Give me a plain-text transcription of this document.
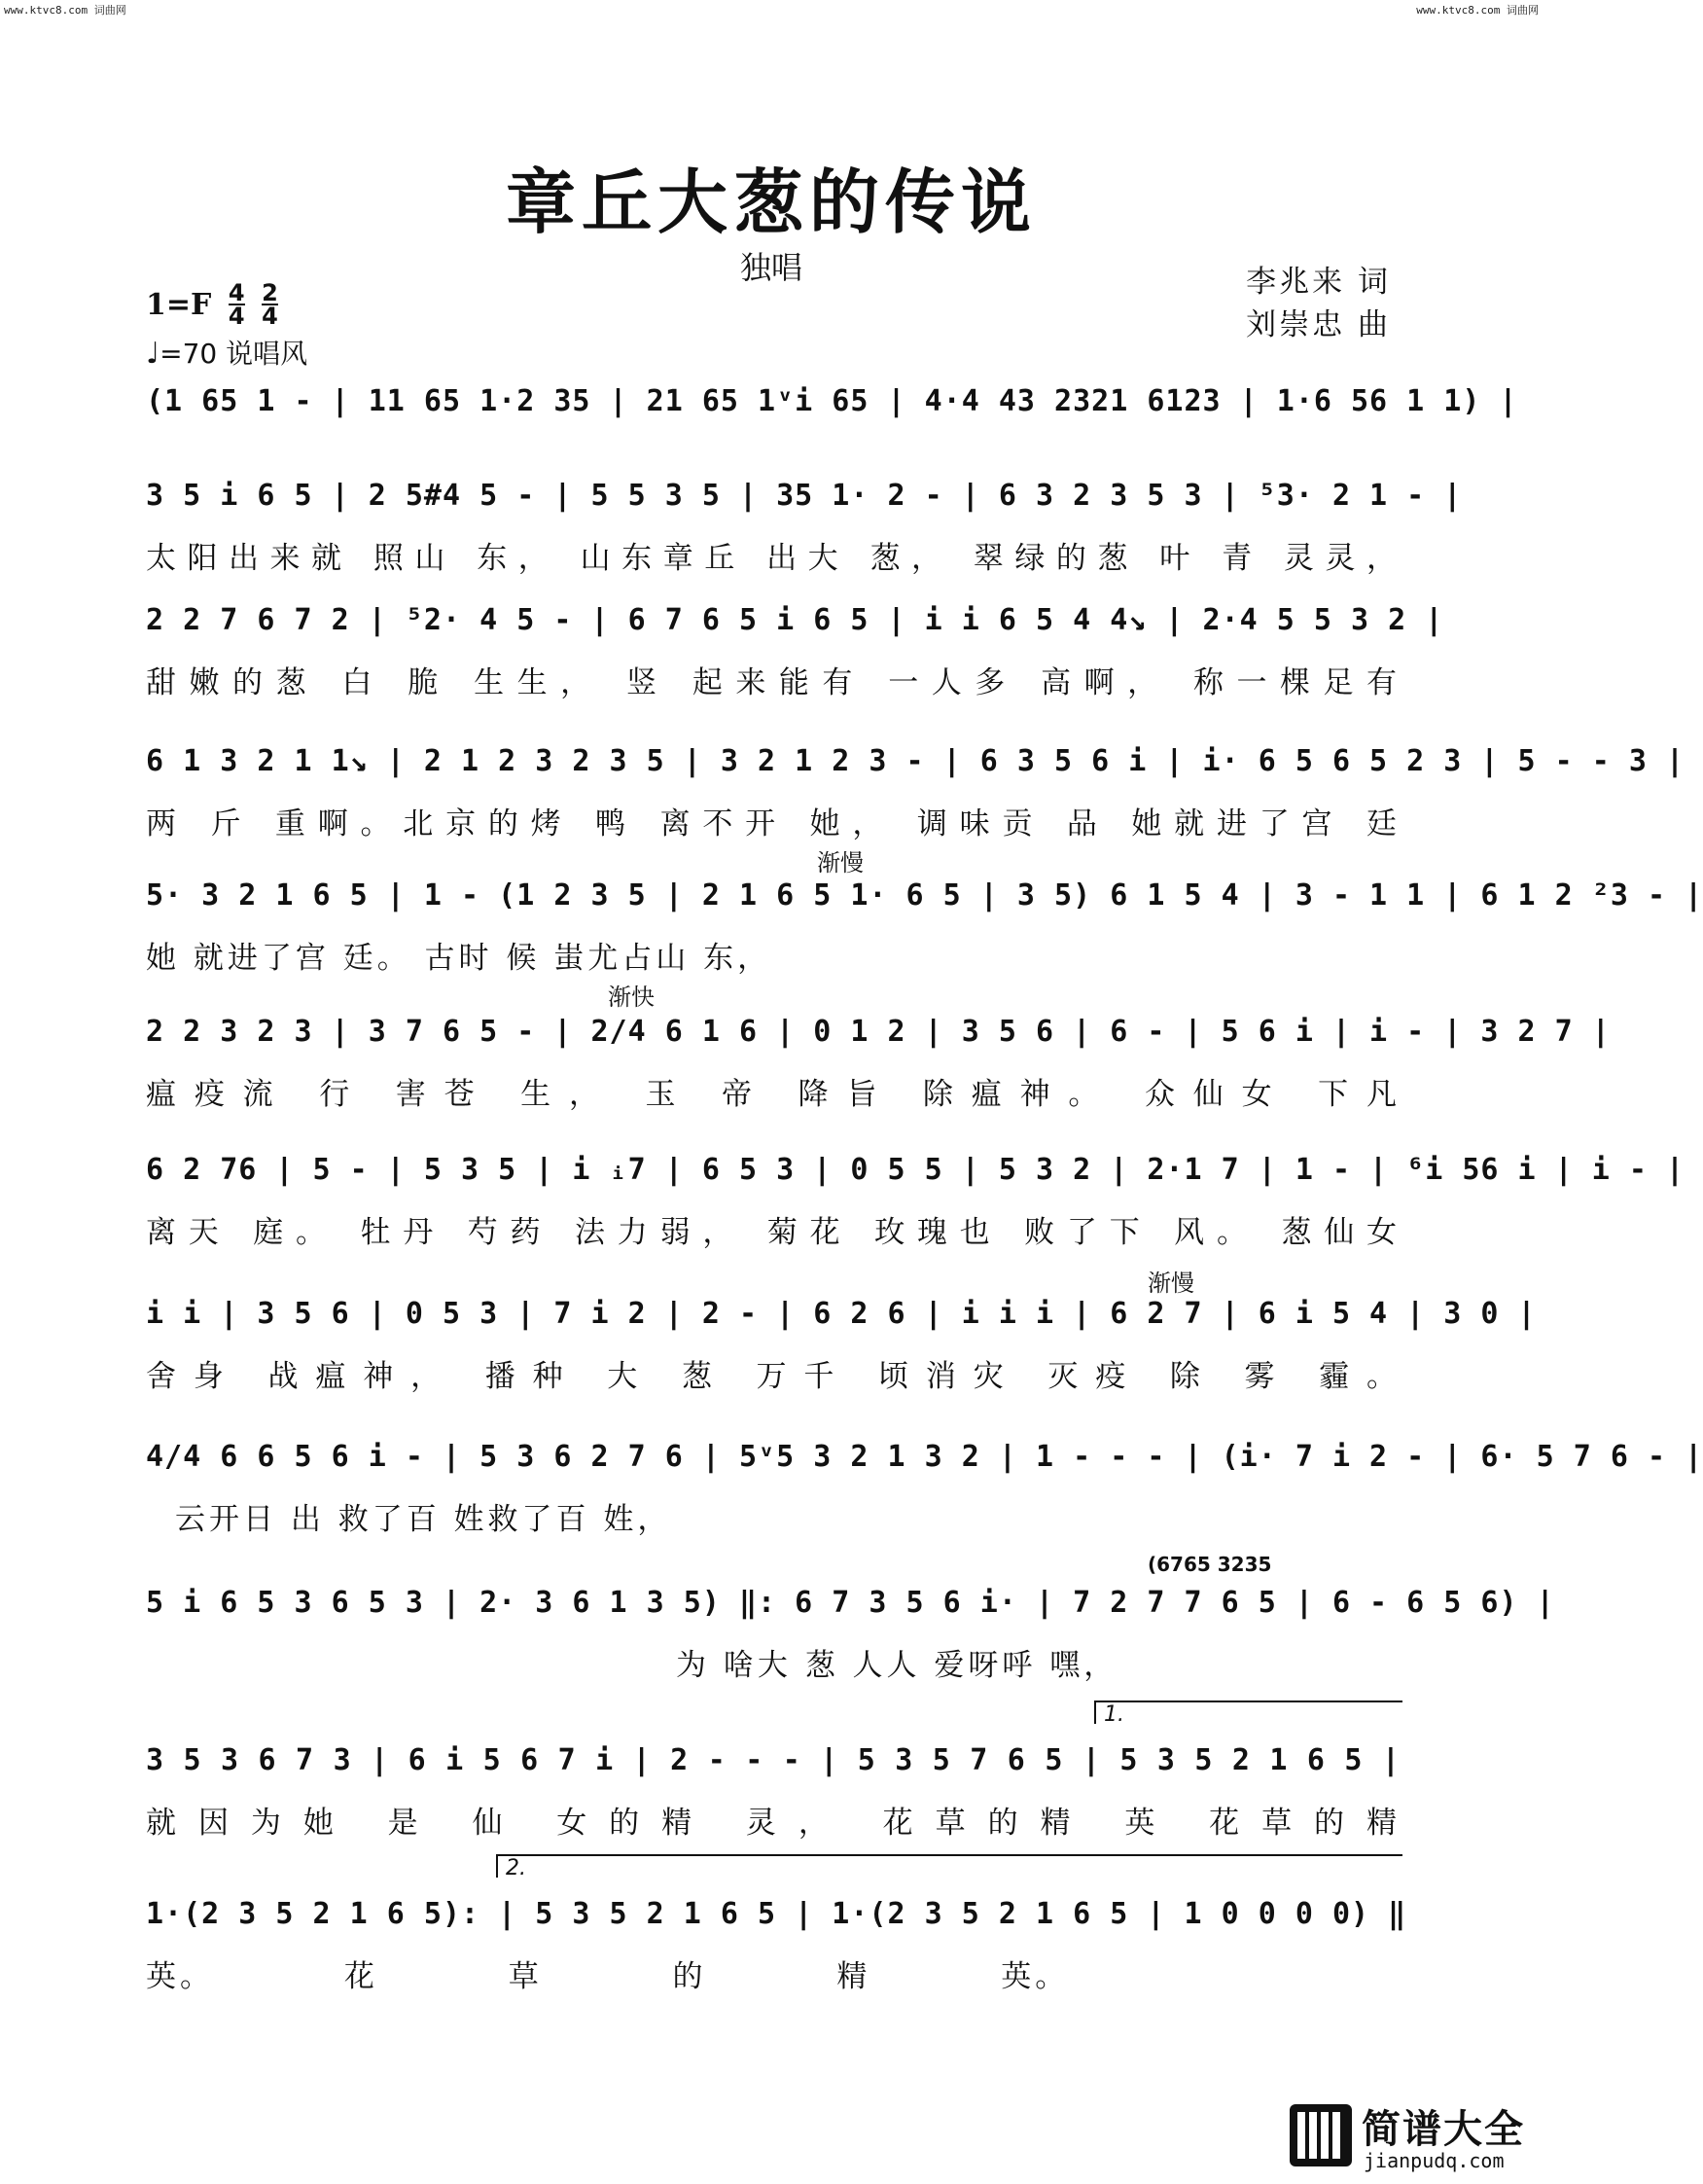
www.ktvc8.com 词曲网	www.ktvc8.com 词曲网
章丘大葱的传说
独唱	李兆来 词
刘崇忠 曲
$1=F \frac{4}{4}$
$\frac{2}{4}$
♩=70 说唱风
(1 65 1 - | 11 65 1·2 35 | 21 65 1ᵛi 65 | 4·4 43 2321 6123 | 1·6 56 1 1) |
3 5 i 6 5 | 2 5#4 5 - | 5 5 3 5 | 35 1· 2 - | 6 3 2 3 5 3 | ⁵3· 2 1 - |
太阳出来就 照山 东， 山东章丘 出大 葱， 翠绿的葱 叶 青 灵灵，
2 2 7 6 7 2 | ⁵2· 4 5 - | 6 7 6 5 i 6 5 | i i 6 5 4 4↘ | 2·4 5 5 3 2 |
甜嫩的葱 白 脆 生生， 竖 起来能有 一人多 高啊， 称一棵足有
6 1 3 2 1 1↘ | 2 1 2 3 2 3 5 | 3 2 1 2 3 - | 6 3 5 6 i | i· 6 5 6 5 2 3 | 5 - - 3 |
两 斤 重啊。北京的烤 鸭 离不开 她， 调味贡 品 她就进了宫 廷
渐慢
5· 3 2 1 6 5 | 1 - (1 2 3 5 | 2 1 6 5 1· 6 5 | 3 5) 6 1 5 4 | 3 - 1 1 | 6 1 2 ²3 - |
她 就进了宫 廷。 古时 候 蚩尤占山 东，
渐快
2 2 3 2 3 | 3 7 6 5 - | 2/4 6 1 6 | 0 1 2 | 3 5 6 | 6 - | 5 6 i | i - | 3 2 7 |
瘟疫流 行 害苍 生， 玉 帝 降旨 除瘟神。 众仙女 下凡
6 2 76 | 5 - | 5 3 5 | i ᵢ7 | 6 5 3 | 0 5 5 | 5 3 2 | 2·1 7 | 1 - | ⁶i 56 i | i - |
离天 庭。 牡丹 芍药 法力弱， 菊花 玫瑰也 败了下 风。 葱仙女
渐慢
i i | 3 5 6 | 0 5 3 | 7 i 2 | 2 - | 6 2 6 | i i i | 6 2 7 | 6 i 5 4 | 3 0 |
舍身 战瘟神， 播种 大 葱 万千 顷消灾 灭疫 除 雾 霾。
4/4 6 6 5 6 i - | 5 3 6 2 7 6 | 5ᵛ5 3 2 1 3 2 | 1 - - - | (i· 7 i 2 - | 6· 5 7 6 - |
云开日 出 救了百 姓救了百 姓，
(6765 3235
5 i 6 5 3 6 5 3 | 2· 3 6 1 3 5) ‖: 6 7 3 5 6 i· | 7 2 7 7 6 5 | 6 - 6 5 6) |
为 啥大 葱 人人 爱呀呼 嘿，
1.
3 5 3 6 7 3 | 6 i 5 6 7 i | 2 - - - | 5 3 5 7 6 5 | 5 3 5 2 1 6 5 |
就因为她 是 仙 女的精 灵， 花草的精 英 花草的精
2.
1·(2 3 5 2 1 6 5): | 5 3 5 2 1 6 5 | 1·(2 3 5 2 1 6 5 | 1 0 0 0 0) ‖
英。 花 草 的 精 英。
简谱大全
jianpudq.com
